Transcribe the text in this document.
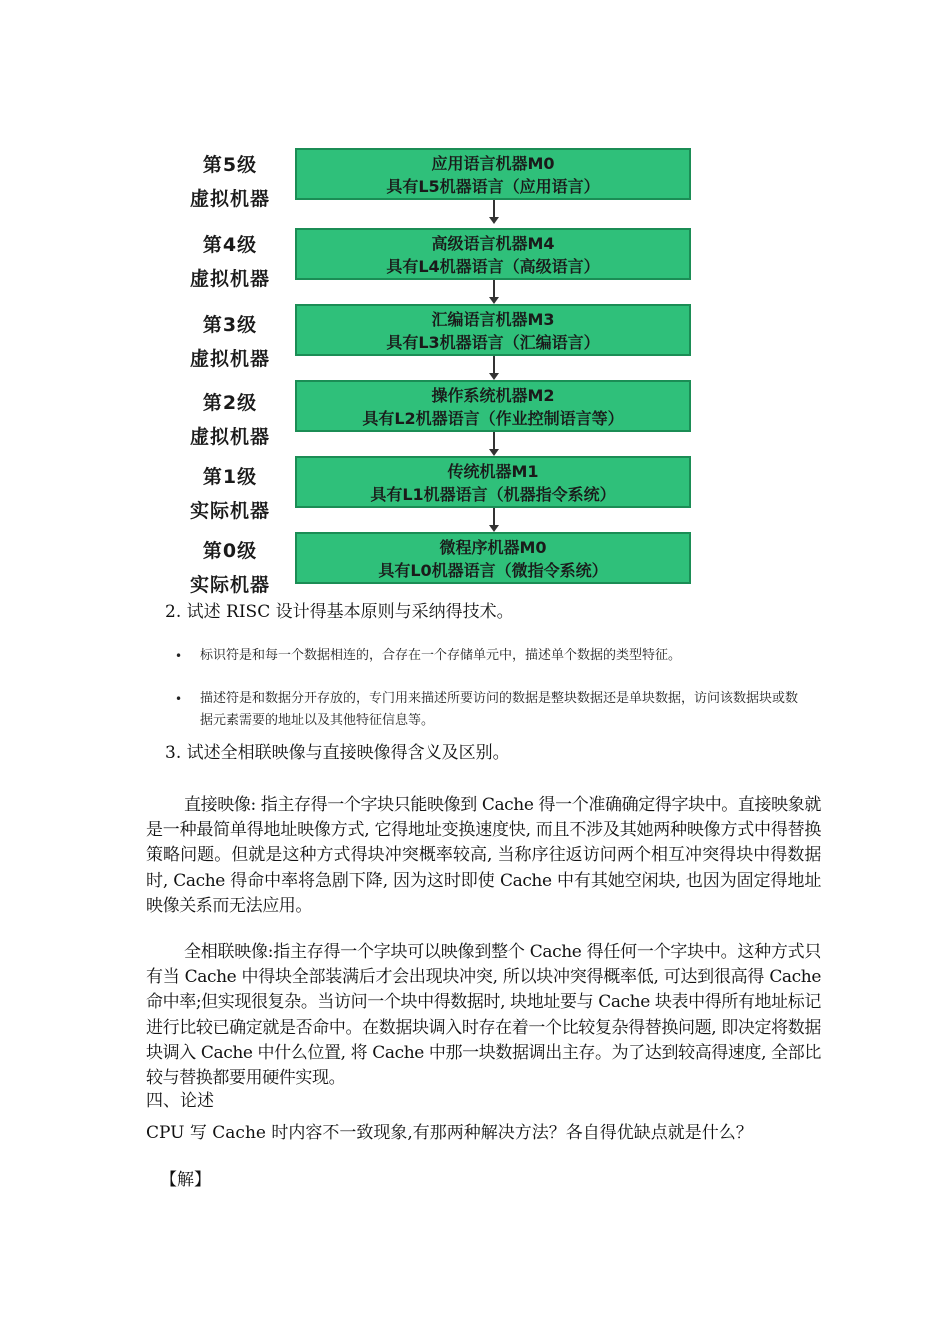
第5级
虚拟机器
应用语言机器M0
具有L5机器语言（应用语言）
第4级
虚拟机器
高级语言机器M4
具有L4机器语言（高级语言）
第3级
虚拟机器
汇编语言机器M3
具有L3机器语言（汇编语言）
第2级
虚拟机器
操作系统机器M2
具有L2机器语言（作业控制语言等）
第1级
实际机器
传统机器M1
具有L1机器语言（机器指令系统）
第0级
实际机器
微程序机器M0
具有L0机器语言（微指令系统）
2. 试述 RISC 设计得基本原则与采纳得技术。
• 标识符是和每一个数据相连的，合存在一个存储单元中，描述单个数据的类型特征。
• 描述符是和数据分开存放的，专门用来描述所要访问的数据是整块数据还是单块数据，访问该数据块或数据元素需要的地址以及其他特征信息等。
3. 试述全相联映像与直接映像得含义及区别。
直接映像: 指主存得一个字块只能映像到 Cache 得一个准确确定得字块中。直接映象就是一种最简单得地址映像方式, 它得地址变换速度快, 而且不涉及其她两种映像方式中得替换策略问题。但就是这种方式得块冲突概率较高, 当称序往返访问两个相互冲突得块中得数据时, Cache 得命中率将急剧下降, 因为这时即使 Cache 中有其她空闲块, 也因为固定得地址映像关系而无法应用。
全相联映像:指主存得一个字块可以映像到整个 Cache 得任何一个字块中。这种方式只有当 Cache 中得块全部装满后才会出现块冲突, 所以块冲突得概率低, 可达到很高得 Cache 命中率;但实现很复杂。当访问一个块中得数据时, 块地址要与 Cache 块表中得所有地址标记进行比较已确定就是否命中。在数据块调入时存在着一个比较复杂得替换问题, 即决定将数据块调入 Cache 中什么位置, 将 Cache 中那一块数据调出主存。为了达到较高得速度, 全部比较与替换都要用硬件实现。
四、论述
CPU 写 Cache 时内容不一致现象,有那两种解决方法？各自得优缺点就是什么？
【解】
